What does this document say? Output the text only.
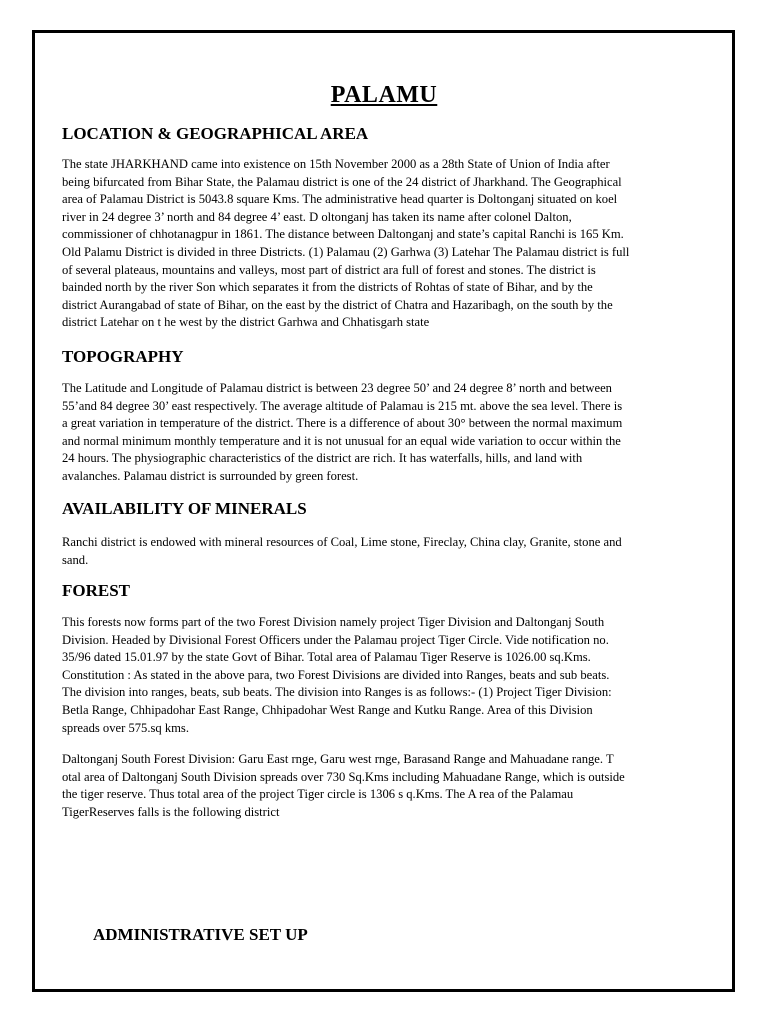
PALAMU
LOCATION & GEOGRAPHICAL AREA

The state JHARKHAND came into existence on 15th November 2000 as a 28th State of Union of India after
being bifurcated from Bihar State, the Palamau district is one of the 24 district of Jharkhand. The Geographical
area of Palamau District is 5043.8 square Kms. The administrative head quarter is Doltonganj situated on koel
river in 24 degree 3’ north and 84 degree 4’ east. D oltonganj has taken its name after colonel Dalton,
commissioner of chhotanagpur in 1861. The distance between Daltonganj and state’s capital Ranchi is 165 Km.
Old Palamu District is divided in three Districts. (1) Palamau (2) Garhwa (3) Latehar The Palamau district is full
of several plateaus, mountains and valleys, most part of district ara full of forest and stones. The district is
bainded north by the river Son which separates it from the districts of Rohtas of state of Bihar, and by the
district Aurangabad of state of Bihar, on the east by the district of Chatra and Hazaribagh, on the south by the
district Latehar on t he west by the district Garhwa and Chhatisgarh state

TOPOGRAPHY

The Latitude and Longitude of Palamau district is between 23 degree 50’ and 24 degree 8’ north and between
55’and 84 degree 30’ east respectively. The average altitude of Palamau is 215 mt. above the sea level. There is
a great variation in temperature of the district. There is a difference of about 30° between the normal maximum
and normal minimum monthly temperature and it is not unusual for an equal wide variation to occur within the
24 hours. The physiographic characteristics of the district are rich. It has waterfalls, hills, and land with
avalanches. Palamau district is surrounded by green forest.

AVAILABILITY OF MINERALS

Ranchi district is endowed with mineral resources of Coal, Lime stone, Fireclay, China clay, Granite, stone and
sand.

FOREST

This forests now forms part of the two Forest Division namely project Tiger Division and Daltonganj South
Division. Headed by Divisional Forest Officers under the Palamau project Tiger Circle. Vide notification no.
35/96 dated 15.01.97 by the state Govt of Bihar. Total area of Palamau Tiger Reserve is 1026.00 sq.Kms.
Constitution : As stated in the above para, two Forest Divisions are divided into Ranges, beats and sub beats.
The division into ranges, beats, sub beats. The division into Ranges is as follows:- (1) Project Tiger Division:
Betla Range, Chhipadohar East Range, Chhipadohar West Range and Kutku Range. Area of this Division
spreads over 575.sq kms.

Daltonganj South Forest Division: Garu East rnge, Garu west rnge, Barasand Range and Mahuadane range. T
otal area of Daltonganj South Division spreads over 730 Sq.Kms including Mahuadane Range, which is outside
the tiger reserve. Thus total area of the project Tiger circle is 1306 s q.Kms. The A rea of the Palamau
TigerReserves falls is the following district

ADMINISTRATIVE SET UP
